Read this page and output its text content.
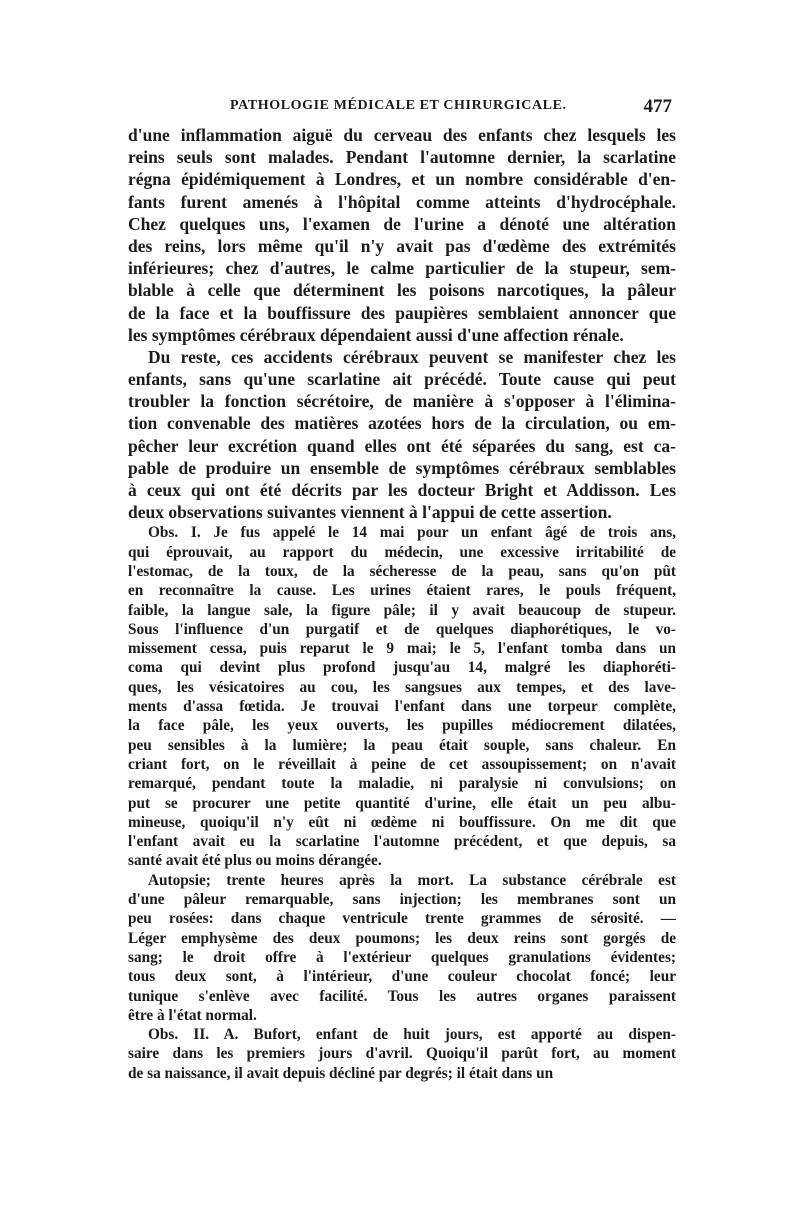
PATHOLOGIE MÉDICALE ET CHIRURGICALE.	477
d'une inflammation aiguë du cerveau des enfants chez lesquels les
reins seuls sont malades. Pendant l'automne dernier, la scarlatine
régna épidémiquement à Londres, et un nombre considérable d'en-
fants furent amenés à l'hôpital comme atteints d'hydrocéphale.
Chez quelques uns, l'examen de l'urine a dénoté une altération
des reins, lors même qu'il n'y avait pas d'œdème des extrémités
inférieures; chez d'autres, le calme particulier de la stupeur, sem-
blable à celle que déterminent les poisons narcotiques, la pâleur
de la face et la bouffissure des paupières semblaient annoncer que
les symptômes cérébraux dépendaient aussi d'une affection rénale.
Du reste, ces accidents cérébraux peuvent se manifester chez les
enfants, sans qu'une scarlatine ait précédé. Toute cause qui peut
troubler la fonction sécrétoire, de manière à s'opposer à l'élimina-
tion convenable des matières azotées hors de la circulation, ou em-
pêcher leur excrétion quand elles ont été séparées du sang, est ca-
pable de produire un ensemble de symptômes cérébraux semblables
à ceux qui ont été décrits par les docteur Bright et Addisson. Les
deux observations suivantes viennent à l'appui de cette assertion.
Obs. I. Je fus appelé le 14 mai pour un enfant âgé de trois ans,
qui éprouvait, au rapport du médecin, une excessive irritabilité de
l'estomac, de la toux, de la sécheresse de la peau, sans qu'on pût
en reconnaître la cause. Les urines étaient rares, le pouls fréquent,
faible, la langue sale, la figure pâle; il y avait beaucoup de stupeur.
Sous l'influence d'un purgatif et de quelques diaphorétiques, le vo-
missement cessa, puis reparut le 9 mai; le 5, l'enfant tomba dans un
coma qui devint plus profond jusqu'au 14, malgré les diaphoréti-
ques, les vésicatoires au cou, les sangsues aux tempes, et des lave-
ments d'assa fœtida. Je trouvai l'enfant dans une torpeur complète,
la face pâle, les yeux ouverts, les pupilles médiocrement dilatées,
peu sensibles à la lumière; la peau était souple, sans chaleur. En
criant fort, on le réveillait à peine de cet assoupissement; on n'avait
remarqué, pendant toute la maladie, ni paralysie ni convulsions; on
put se procurer une petite quantité d'urine, elle était un peu albu-
mineuse, quoiqu'il n'y eût ni œdème ni bouffissure. On me dit que
l'enfant avait eu la scarlatine l'automne précédent, et que depuis, sa
santé avait été plus ou moins dérangée.
Autopsie; trente heures après la mort. La substance cérébrale est
d'une pâleur remarquable, sans injection; les membranes sont un
peu rosées: dans chaque ventricule trente grammes de sérosité. —
Léger emphysème des deux poumons; les deux reins sont gorgés de
sang; le droit offre à l'extérieur quelques granulations évidentes;
tous deux sont, à l'intérieur, d'une couleur chocolat foncé; leur
tunique s'enlève avec facilité. Tous les autres organes paraissent
être à l'état normal.
Obs. II. A. Bufort, enfant de huit jours, est apporté au dispen-
saire dans les premiers jours d'avril. Quoiqu'il parût fort, au moment
de sa naissance, il avait depuis décliné par degrés; il était dans un
